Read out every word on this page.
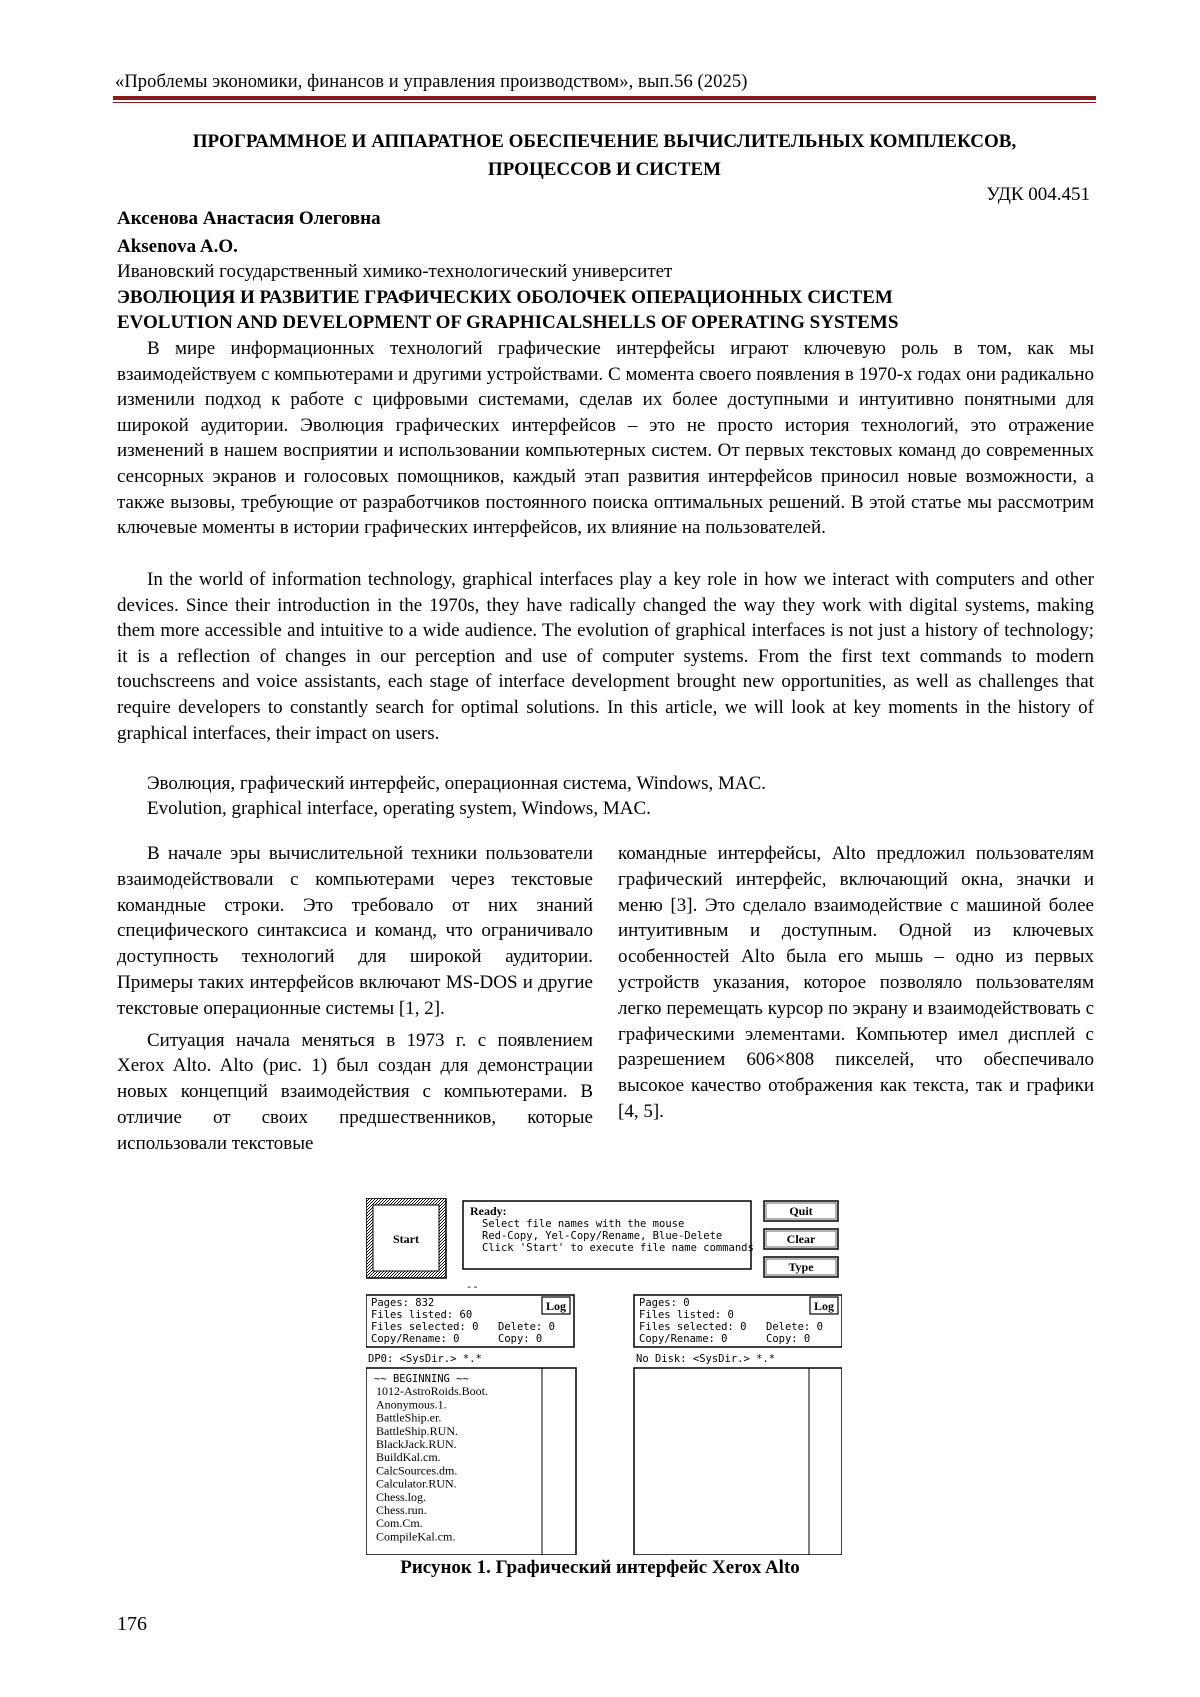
«Проблемы экономики, финансов и управления производством», вып.56 (2025)
ПРОГРАММНОЕ И АППАРАТНОЕ ОБЕСПЕЧЕНИЕ ВЫЧИСЛИТЕЛЬНЫХ КОМПЛЕКСОВ,
ПРОЦЕССОВ И СИСТЕМ
УДК 004.451
Аксенова Анастасия Олеговна
Aksenova A.O.
Ивановский государственный химико-технологический университет
ЭВОЛЮЦИЯ И РАЗВИТИЕ ГРАФИЧЕСКИХ ОБОЛОЧЕК ОПЕРАЦИОННЫХ СИСТЕМ
EVOLUTION AND DEVELOPMENT OF GRAPHICALSHELLS OF OPERATING SYSTEMS

В мире информационных технологий графические интерфейсы играют ключевую роль в том, как мы взаимодействуем с компьютерами и другими устройствами. С момента своего появления в 1970-х годах они радикально изменили подход к работе с цифровыми системами, сделав их более доступными и интуитивно понятными для широкой аудитории. Эволюция графических интерфейсов – это не просто история технологий, это отражение изменений в нашем восприятии и использовании компьютерных систем. От первых текстовых команд до современных сенсорных экранов и голосовых помощников, каждый этап развития интерфейсов приносил новые возможности, а также вызовы, требующие от разработчиков постоянного поиска оптимальных решений. В этой статье мы рассмотрим ключевые моменты в истории графических интерфейсов, их влияние на пользователей.

In the world of information technology, graphical interfaces play a key role in how we interact with computers and other devices. Since their introduction in the 1970s, they have radically changed the way they work with digital systems, making them more accessible and intuitive to a wide audience. The evolution of graphical interfaces is not just a history of technology; it is a reflection of changes in our perception and use of computer systems. From the first text commands to modern touchscreens and voice assistants, each stage of interface development brought new opportunities, as well as challenges that require developers to constantly search for optimal solutions. In this article, we will look at key moments in the history of graphical interfaces, their impact on users.

Эволюция, графический интерфейс, операционная система, Windows, MAC.
Evolution, graphical interface, operating system, Windows, MAC.

В начале эры вычислительной техники пользователи взаимодействовали с компьютерами через текстовые командные строки. Это требовало от них знаний специфического синтаксиса и команд, что ограничивало доступность технологий для широкой аудитории. Примеры таких интерфейсов включают MS-DOS и другие текстовые операционные системы [1, 2].

Ситуация начала меняться в 1973 г. с появлением Xerox Alto. Alto (рис. 1) был создан для демонстрации новых концепций взаимодействия с компьютерами. В отличие от своих предшественников, которые использовали текстовые

командные интерфейсы, Alto предложил пользователям графический интерфейс, включающий окна, значки и меню [3]. Это сделало взаимодействие с машиной более интуитивным и доступным. Одной из ключевых особенностей Alto была его мышь – одно из первых устройств указания, которое позволяло пользователям легко перемещать курсор по экрану и взаимодействовать с графическими элементами. Компьютер имел дисплей с разрешением 606×808 пикселей, что обеспечивало высокое качество отображения как текста, так и графики [4, 5].

Start
Ready:
Select file names with the mouse
Red-Copy, Yel-Copy/Rename, Blue-Delete
Click 'Start' to execute file name commands
Quit
Clear
Type
--
Pages: 832
Files listed: 60
Files selected: 0 Delete: 0
Copy/Rename: 0	Copy: 0
Log	Pages: 0
Files listed: 0
Files selected: 0 Delete: 0
Copy/Rename: 0	Copy: 0
Log
DP0: <SysDir.> *.*	No Disk: <SysDir.> *.*
~~ BEGINNING ~~
1012-AstroRoids.Boot.
Anonymous.1.
BattleShip.er.
BattleShip.RUN.
BlackJack.RUN.
BuildKal.cm.
CalcSources.dm.
Calculator.RUN.
Chess.log.
Chess.run.
Com.Cm.
CompileKal.cm.
Рисунок 1. Графический интерфейс Xerox Alto
176
